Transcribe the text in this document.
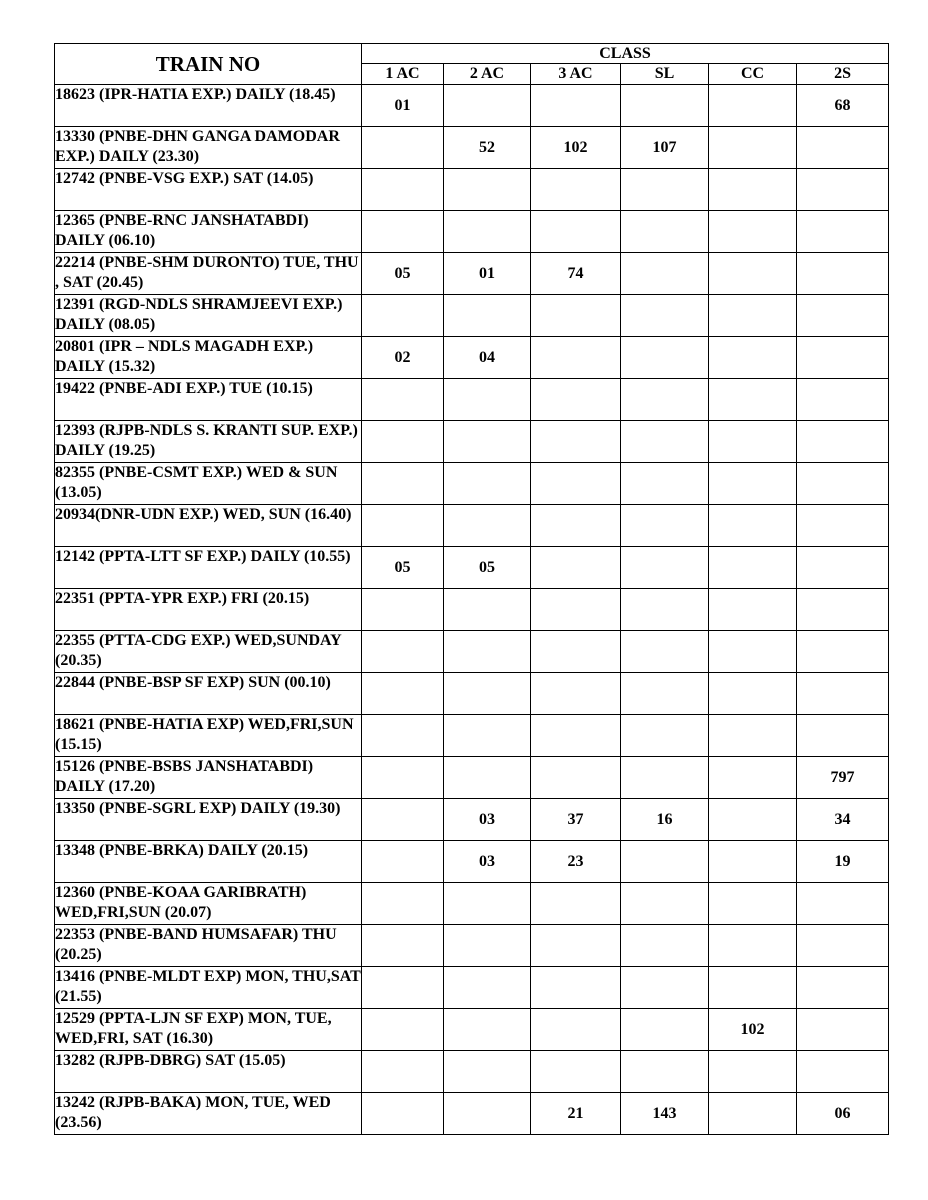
TRAIN NO	CLASS					
	1 AC	2 AC	3 AC	SL	CC	2S
18623 (IPR-HATIA EXP.) DAILY (18.45)	01					68
13330 (PNBE-DHN GANGA DAMODAR EXP.) DAILY (23.30)		52	102	107		
12742 (PNBE-VSG EXP.) SAT (14.05)						
12365 (PNBE-RNC JANSHATABDI) DAILY (06.10)						
22214 (PNBE-SHM DURONTO) TUE, THU , SAT (20.45)	05	01	74			
12391 (RGD-NDLS SHRAMJEEVI EXP.) DAILY (08.05)						
20801 (IPR – NDLS MAGADH EXP.) DAILY (15.32)	02	04				
19422 (PNBE-ADI EXP.) TUE (10.15)						
12393 (RJPB-NDLS S. KRANTI SUP. EXP.) DAILY (19.25)						
82355 (PNBE-CSMT EXP.) WED & SUN (13.05)						
20934(DNR-UDN EXP.) WED, SUN (16.40)						
12142 (PPTA-LTT SF EXP.) DAILY (10.55)	05	05				
22351 (PPTA-YPR EXP.) FRI (20.15)						
22355 (PTTA-CDG EXP.) WED,SUNDAY (20.35)						
22844 (PNBE-BSP SF EXP) SUN (00.10)						
18621 (PNBE-HATIA EXP) WED,FRI,SUN (15.15)						
15126 (PNBE-BSBS JANSHATABDI) DAILY (17.20)						797
13350 (PNBE-SGRL EXP) DAILY (19.30)		03	37	16		34
13348 (PNBE-BRKA) DAILY (20.15)		03	23			19
12360 (PNBE-KOAA GARIBRATH) WED,FRI,SUN (20.07)						
22353 (PNBE-BAND HUMSAFAR) THU (20.25)						
13416 (PNBE-MLDT EXP) MON, THU,SAT (21.55)						
12529 (PPTA-LJN SF EXP) MON, TUE, WED,FRI, SAT (16.30)					102	
13282 (RJPB-DBRG) SAT (15.05)						
13242 (RJPB-BAKA) MON, TUE, WED (23.56)			21	143		06
